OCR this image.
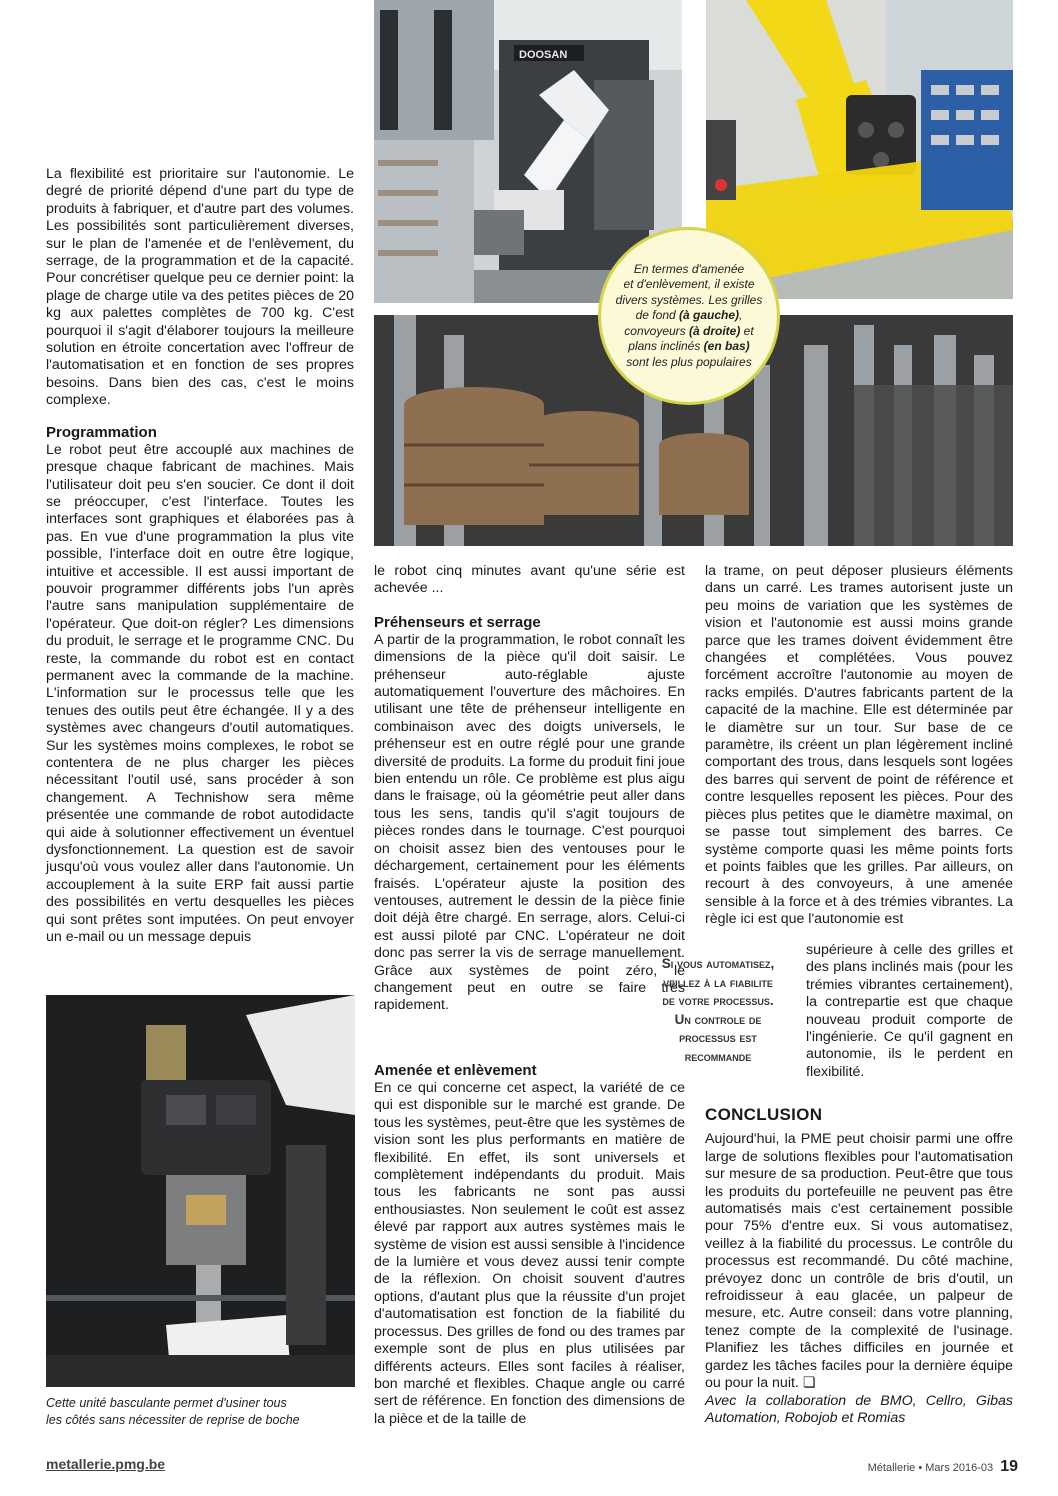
DOOSAN
En termes d'amenée
et d'enlèvement, il existe
divers systèmes. Les grilles
de fond (à gauche),
convoyeurs (à droite) et
plans inclinés (en bas)
sont les plus populaires

La flexibilité est prioritaire sur l'autonomie. Le degré de priorité dépend d'une part du type de produits à fabriquer, et d'autre part des volumes. Les possibilités sont particulièrement diverses, sur le plan de l'amenée et de l'enlèvement, du serrage, de la programmation et de la capacité. Pour concrétiser quelque peu ce dernier point: la plage de charge utile va des petites pièces de 20 kg aux palettes complètes de 700 kg. C'est pourquoi il s'agit d'élaborer toujours la meilleure solution en étroite concertation avec l'offreur de l'automatisation et en fonction de ses propres besoins. Dans bien des cas, c'est le moins complexe.

Programmation

Le robot peut être accouplé aux machines de presque chaque fabricant de machines. Mais l'utilisateur doit peu s'en soucier. Ce dont il doit se préoccuper, c'est l'interface. Toutes les interfaces sont graphiques et élaborées pas à pas. En vue d'une programmation la plus vite possible, l'interface doit en outre être logique, intuitive et accessible. Il est aussi important de pouvoir programmer différents jobs l'un après l'autre sans manipulation supplémentaire de l'opérateur. Que doit-on régler? Les dimensions du produit, le serrage et le programme CNC. Du reste, la commande du robot est en contact permanent avec la commande de la machine. L'information sur le processus telle que les tenues des outils peut être échangée. Il y a des systèmes avec changeurs d'outil automatiques. Sur les systèmes moins complexes, le robot se contentera de ne plus charger les pièces nécessitant l'outil usé, sans procéder à son changement. A Technishow sera même présentée une commande de robot autodidacte qui aide à solutionner effectivement un éventuel dysfonctionnement. La question est de savoir jusqu'où vous voulez aller dans l'autonomie. Un accouplement à la suite ERP fait aussi partie des possibilités en vertu desquelles les pièces qui sont prêtes sont imputées. On peut envoyer un e-mail ou un message depuis

Cette unité basculante permet d'usiner tous
les côtés sans nécessiter de reprise de boche

le robot cinq minutes avant qu'une série est achevée ...

Préhenseurs et serrage

A partir de la programmation, le robot connaît les dimensions de la pièce qu'il doit saisir. Le préhenseur auto-réglable ajuste automatiquement l'ouverture des mâchoires. En utilisant une tête de préhenseur intelligente en combinaison avec des doigts universels, le préhenseur est en outre réglé pour une grande diversité de produits. La forme du produit fini joue bien entendu un rôle. Ce problème est plus aigu dans le fraisage, où la géométrie peut aller dans tous les sens, tandis qu'il s'agit toujours de pièces rondes dans le tournage. C'est pourquoi on choisit assez bien des ventouses pour le déchargement, certainement pour les éléments fraisés. L'opérateur ajuste la position des ventouses, autrement le dessin de la pièce finie doit déjà être chargé. En serrage, alors. Celui-ci est aussi piloté par CNC. L'opérateur ne doit donc pas serrer la vis de serrage manuellement. Grâce aux systèmes de point zéro, le changement peut en outre se faire très rapidement.

Amenée et enlèvement

En ce qui concerne cet aspect, la variété de ce qui est disponible sur le marché est grande. De tous les systèmes, peut-être que les systèmes de vision sont les plus performants en matière de flexibilité. En effet, ils sont universels et complètement indépendants du produit. Mais tous les fabricants ne sont pas aussi enthousiastes. Non seulement le coût est assez élevé par rapport aux autres systèmes mais le système de vision est aussi sensible à l'incidence de la lumière et vous devez aussi tenir compte de la réflexion. On choisit souvent d'autres options, d'autant plus que la réussite d'un projet d'automatisation est fonction de la fiabilité du processus. Des grilles de fond ou des trames par exemple sont de plus en plus utilisées par différents acteurs. Elles sont faciles à réaliser, bon marché et flexibles. Chaque angle ou carré sert de référence. En fonction des dimensions de la pièce et de la taille de

Si vous automatisez,
veillez à la fiabilite
de votre processus.
Un controle de
processus est
recommande

la trame, on peut déposer plusieurs éléments dans un carré. Les trames autorisent juste un peu moins de variation que les systèmes de vision et l'autonomie est aussi moins grande parce que les trames doivent évidemment être changées et complétées. Vous pouvez forcément accroître l'autonomie au moyen de racks empilés. D'autres fabricants partent de la capacité de la machine. Elle est déterminée par le diamètre sur un tour. Sur base de ce paramètre, ils créent un plan légèrement incliné comportant des trous, dans lesquels sont logées des barres qui servent de point de référence et contre lesquelles reposent les pièces. Pour des pièces plus petites que le diamètre maximal, on se passe tout simplement des barres. Ce système comporte quasi les même points forts et points faibles que les grilles. Par ailleurs, on recourt à des convoyeurs, à une amenée sensible à la force et à des trémies vibrantes. La règle ici est que l'autonomie est

supérieure à celle des grilles et des plans inclinés mais (pour les trémies vibrantes certainement), la contrepartie est que chaque nouveau produit comporte de l'ingénierie. Ce qu'il gagnent en autonomie, ils le perdent en flexibilité.

CONCLUSION

Aujourd'hui, la PME peut choisir parmi une offre large de solutions flexibles pour l'automatisation sur mesure de sa production. Peut-être que tous les produits du portefeuille ne peuvent pas être automatisés mais c'est certainement possible pour 75% d'entre eux. Si vous automatisez, veillez à la fiabilité du processus. Le contrôle du processus est recommandé. Du côté machine, prévoyez donc un contrôle de bris d'outil, un refroidisseur à eau glacée, un palpeur de mesure, etc. Autre conseil: dans votre planning, tenez compte de la complexité de l'usinage. Planifiez les tâches difficiles en journée et gardez les tâches faciles pour la dernière équipe ou pour la nuit. ❏

Avec la collaboration de BMO, Cellro, Gibas Automation, Robojob et Romias

metallerie.pmg.be	Métallerie • Mars 2016-03 19
